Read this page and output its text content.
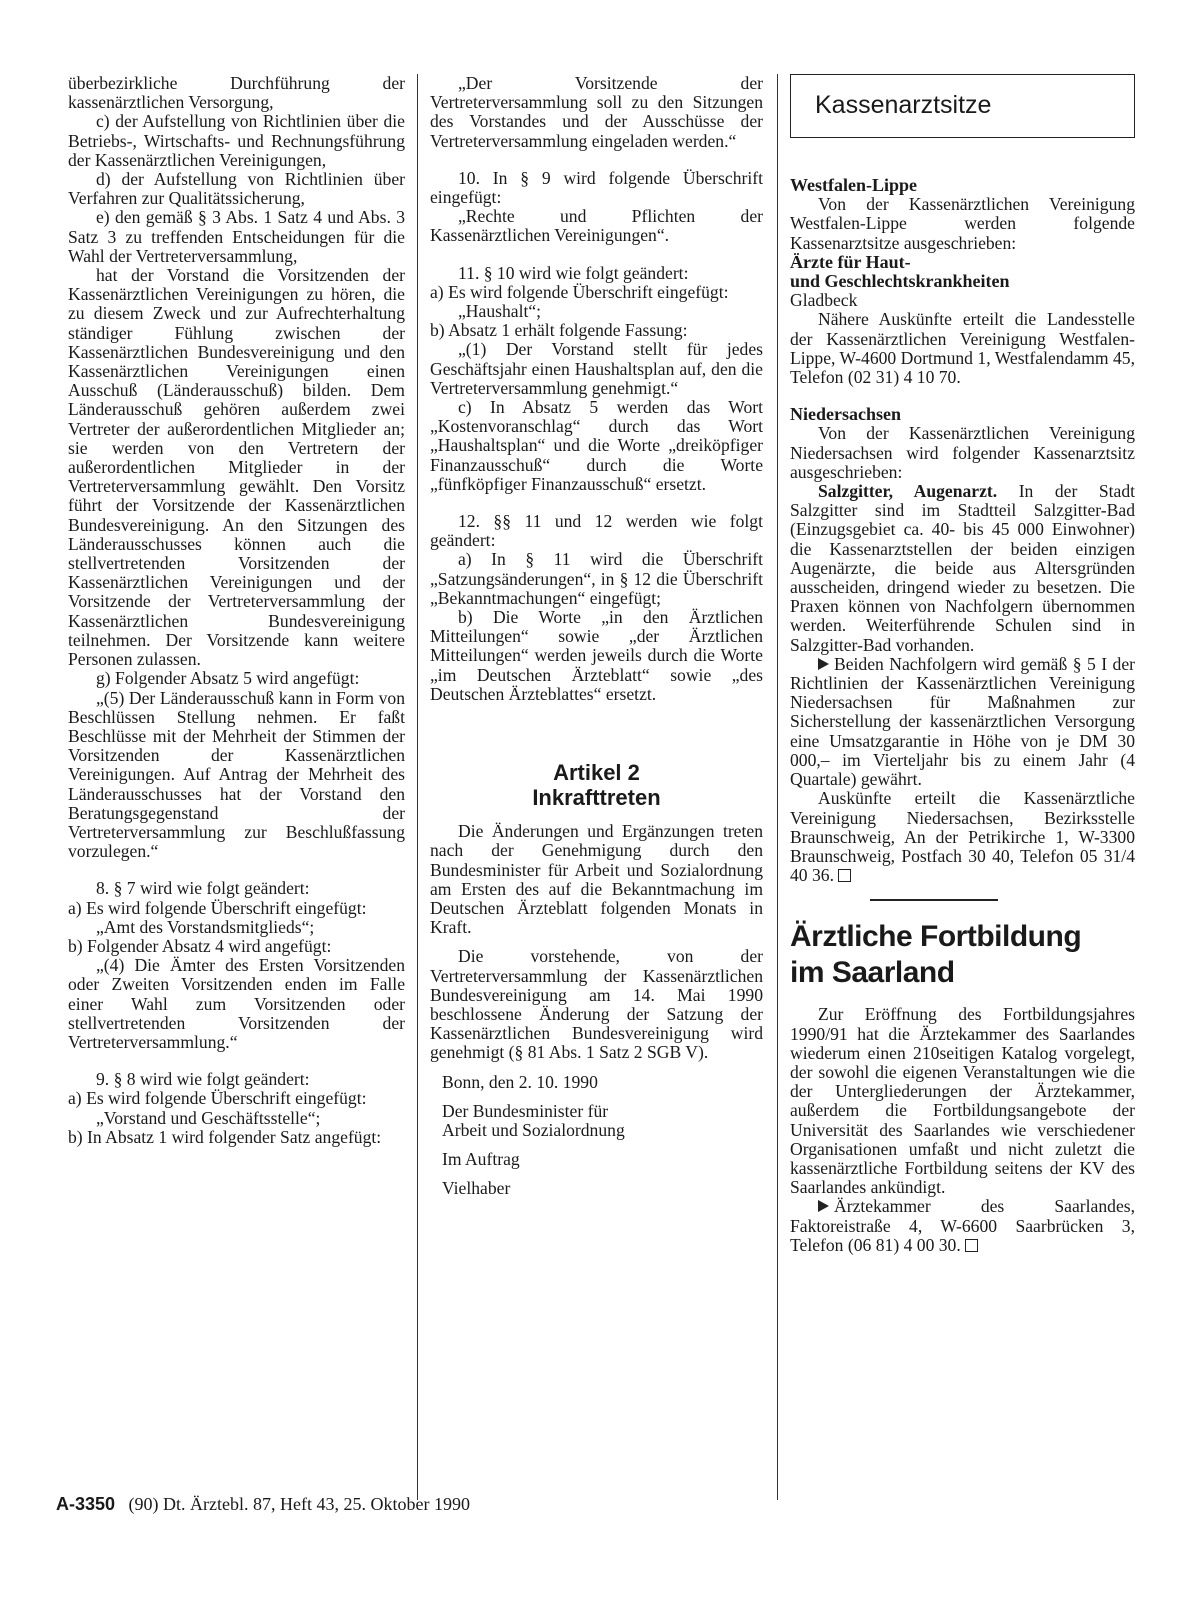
überbezirkliche Durchführung der kassenärztlichen Versorgung,

c) der Aufstellung von Richtlinien über die Betriebs-, Wirtschafts- und Rechnungsführung der Kassenärztlichen Vereinigungen,

d) der Aufstellung von Richtlinien über Verfahren zur Qualitätssicherung,

e) den gemäß § 3 Abs. 1 Satz 4 und Abs. 3 Satz 3 zu treffenden Entscheidungen für die Wahl der Vertreterversammlung,

hat der Vorstand die Vorsitzenden der Kassenärztlichen Vereinigungen zu hören, die zu diesem Zweck und zur Aufrechterhaltung ständiger Fühlung zwischen der Kassenärztlichen Bundesvereinigung und den Kassenärztlichen Vereinigungen einen Ausschuß (Länderausschuß) bilden. Dem Länderausschuß gehören außerdem zwei Vertreter der außerordentlichen Mitglieder an; sie werden von den Vertretern der außerordentlichen Mitglieder in der Vertreterversammlung gewählt. Den Vorsitz führt der Vorsitzende der Kassenärztlichen Bundesvereinigung. An den Sitzungen des Länderausschusses können auch die stellvertretenden Vorsitzenden der Kassenärztlichen Vereinigungen und der Vorsitzende der Vertreterversammlung der Kassenärztlichen Bundesvereinigung teilnehmen. Der Vorsitzende kann weitere Personen zulassen.

g) Folgender Absatz 5 wird angefügt:

„(5) Der Länderausschuß kann in Form von Beschlüssen Stellung nehmen. Er faßt Beschlüsse mit der Mehrheit der Stimmen der Vorsitzenden der Kassenärztlichen Vereinigungen. Auf Antrag der Mehrheit des Länderausschusses hat der Vorstand den Beratungsgegenstand der Vertreterversammlung zur Beschlußfassung vorzulegen.“

8. § 7 wird wie folgt geändert:

a) Es wird folgende Überschrift eingefügt:

„Amt des Vorstandsmitglieds“;

b) Folgender Absatz 4 wird angefügt:

„(4) Die Ämter des Ersten Vorsitzenden oder Zweiten Vorsitzenden enden im Falle einer Wahl zum Vorsitzenden oder stellvertretenden Vorsitzenden der Vertreterversammlung.“

9. § 8 wird wie folgt geändert:

a) Es wird folgende Überschrift eingefügt:

„Vorstand und Geschäftsstelle“;

b) In Absatz 1 wird folgender Satz angefügt:

„Der Vorsitzende der Vertreterversammlung soll zu den Sitzungen des Vorstandes und der Ausschüsse der Vertreterversammlung eingeladen werden.“

10. In § 9 wird folgende Überschrift eingefügt:

„Rechte und Pflichten der Kassenärztlichen Vereinigungen“.

11. § 10 wird wie folgt geändert:

a) Es wird folgende Überschrift eingefügt:

„Haushalt“;

b) Absatz 1 erhält folgende Fassung:

„(1) Der Vorstand stellt für jedes Geschäftsjahr einen Haushaltsplan auf, den die Vertreterversammlung genehmigt.“

c) In Absatz 5 werden das Wort „Kostenvoranschlag“ durch das Wort „Haushaltsplan“ und die Worte „dreiköpfiger Finanzausschuß“ durch die Worte „fünfköpfiger Finanzausschuß“ ersetzt.

12. §§ 11 und 12 werden wie folgt geändert:

a) In § 11 wird die Überschrift „Satzungsänderungen“, in § 12 die Überschrift „Bekanntmachungen“ eingefügt;

b) Die Worte „in den Ärztlichen Mitteilungen“ sowie „der Ärztlichen Mitteilungen“ werden jeweils durch die Worte „im Deutschen Ärzteblatt“ sowie „des Deutschen Ärzteblattes“ ersetzt.

Artikel 2
Inkrafttreten

Die Änderungen und Ergänzungen treten nach der Genehmigung durch den Bundesminister für Arbeit und Sozialordnung am Ersten des auf die Bekanntmachung im Deutschen Ärzteblatt folgenden Monats in Kraft.

Die vorstehende, von der Vertreterversammlung der Kassenärztlichen Bundesvereinigung am 14. Mai 1990 beschlossene Änderung der Satzung der Kassenärztlichen Bundesvereinigung wird genehmigt (§ 81 Abs. 1 Satz 2 SGB V).

Bonn, den 2. 10. 1990

Der Bundesminister für

Arbeit und Sozialordnung

Im Auftrag

Vielhaber

Kassenarztsitze

Westfalen-Lippe

Von der Kassenärztlichen Vereinigung Westfalen-Lippe werden folgende Kassenarztsitze ausgeschrieben:

Ärzte für Haut-

und Geschlechtskrankheiten

Gladbeck

Nähere Auskünfte erteilt die Landesstelle der Kassenärztlichen Vereinigung Westfalen-Lippe, W-4600 Dortmund 1, Westfalendamm 45, Telefon (02 31) 4 10 70.

Niedersachsen

Von der Kassenärztlichen Vereinigung Niedersachsen wird folgender Kassenarztsitz ausgeschrieben:

Salzgitter, Augenarzt. In der Stadt Salzgitter sind im Stadtteil Salzgitter-Bad (Einzugsgebiet ca. 40- bis 45 000 Einwohner) die Kassenarztstellen der beiden einzigen Augenärzte, die beide aus Altersgründen ausscheiden, dringend wieder zu besetzen. Die Praxen können von Nachfolgern übernommen werden. Weiterführende Schulen sind in Salzgitter-Bad vorhanden.

Beiden Nachfolgern wird gemäß § 5 I der Richtlinien der Kassenärztlichen Vereinigung Niedersachsen für Maßnahmen zur Sicherstellung der kassenärztlichen Versorgung eine Umsatzgarantie in Höhe von je DM 30 000,– im Vierteljahr bis zu einem Jahr (4 Quartale) gewährt.

Auskünfte erteilt die Kassenärztliche Vereinigung Niedersachsen, Bezirksstelle Braunschweig, An der Petrikirche 1, W-3300 Braunschweig, Postfach 30 40, Telefon 05 31/4 40 36.

Ärztliche Fortbildung
im Saarland

Zur Eröffnung des Fortbildungsjahres 1990/91 hat die Ärztekammer des Saarlandes wiederum einen 210seitigen Katalog vorgelegt, der sowohl die eigenen Veranstaltungen wie die der Untergliederungen der Ärztekammer, außerdem die Fortbildungsangebote der Universität des Saarlandes wie verschiedener Organisationen umfaßt und nicht zuletzt die kassenärztliche Fortbildung seitens der KV des Saarlandes ankündigt.

Ärztekammer des Saarlandes, Faktoreistraße 4, W-6600 Saarbrücken 3, Telefon (06 81) 4 00 30.

A-3350 (90) Dt. Ärztebl. 87, Heft 43, 25. Oktober 1990
